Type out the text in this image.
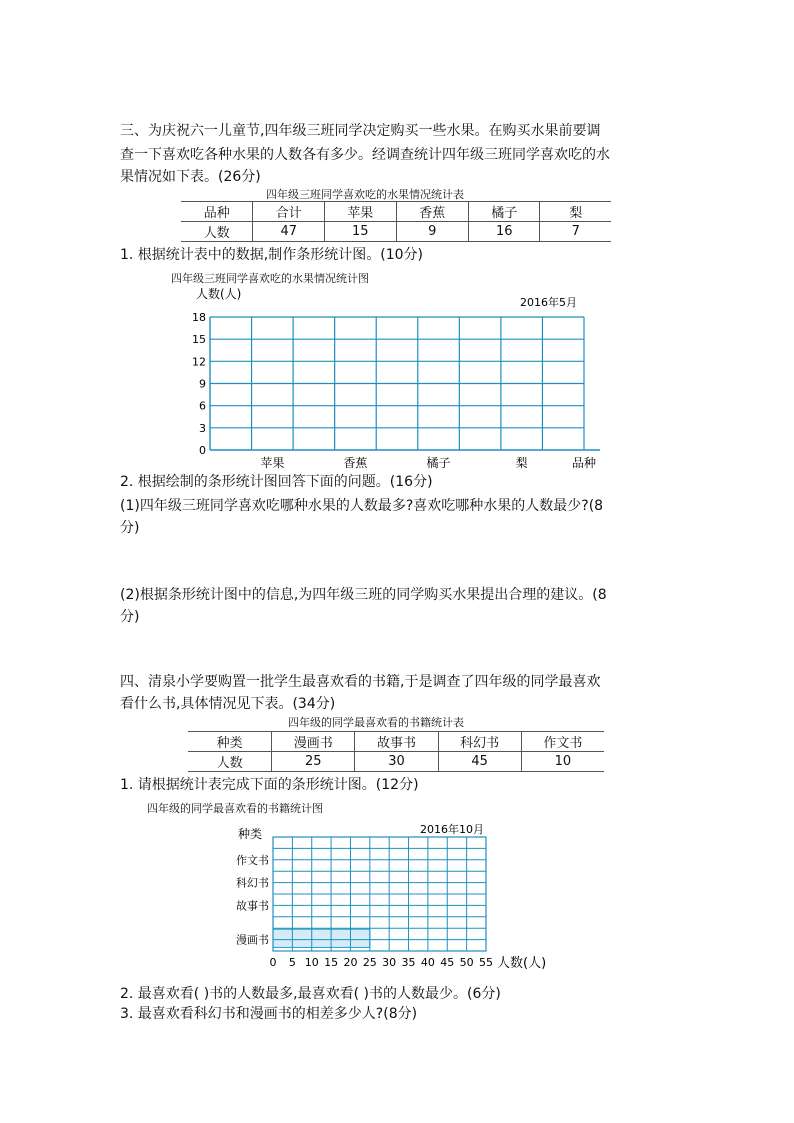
三、为庆祝六一儿童节,四年级三班同学决定购买一些水果。在购买水果前要调
查一下喜欢吃各种水果的人数各有多少。经调查统计四年级三班同学喜欢吃的水
果情况如下表。(26分)
四年级三班同学喜欢吃的水果情况统计表
品种	合计	苹果	香蕉	橘子	梨
人数	47	15	9	16	7
1. 根据统计表中的数据,制作条形统计图。(10分)
四年级三班同学喜欢吃的水果情况统计图
人数(人)
2016年5月
品种
18
15
12
9
6
3
0
苹果	香蕉	橘子	梨
2. 根据绘制的条形统计图回答下面的问题。(16分)
(1)四年级三班同学喜欢吃哪种水果的人数最多?喜欢吃哪种水果的人数最少?(8
分)
(2)根据条形统计图中的信息,为四年级三班的同学购买水果提出合理的建议。(8
分)
四、清泉小学要购置一批学生最喜欢看的书籍,于是调查了四年级的同学最喜欢
看什么书,具体情况见下表。(34分)
四年级的同学最喜欢看的书籍统计表
种类	漫画书	故事书	科幻书	作文书
人数	25	30	45	10
1. 请根据统计表完成下面的条形统计图。(12分)
四年级的同学最喜欢看的书籍统计图
种类	2016年10月
人数(人)
作文书
科幻书
故事书
漫画书
0 5 10 15 20 25 30 35 40 45 50 55
2. 最喜欢看( )书的人数最多,最喜欢看( )书的人数最少。(6分)
3. 最喜欢看科幻书和漫画书的相差多少人?(8分)
